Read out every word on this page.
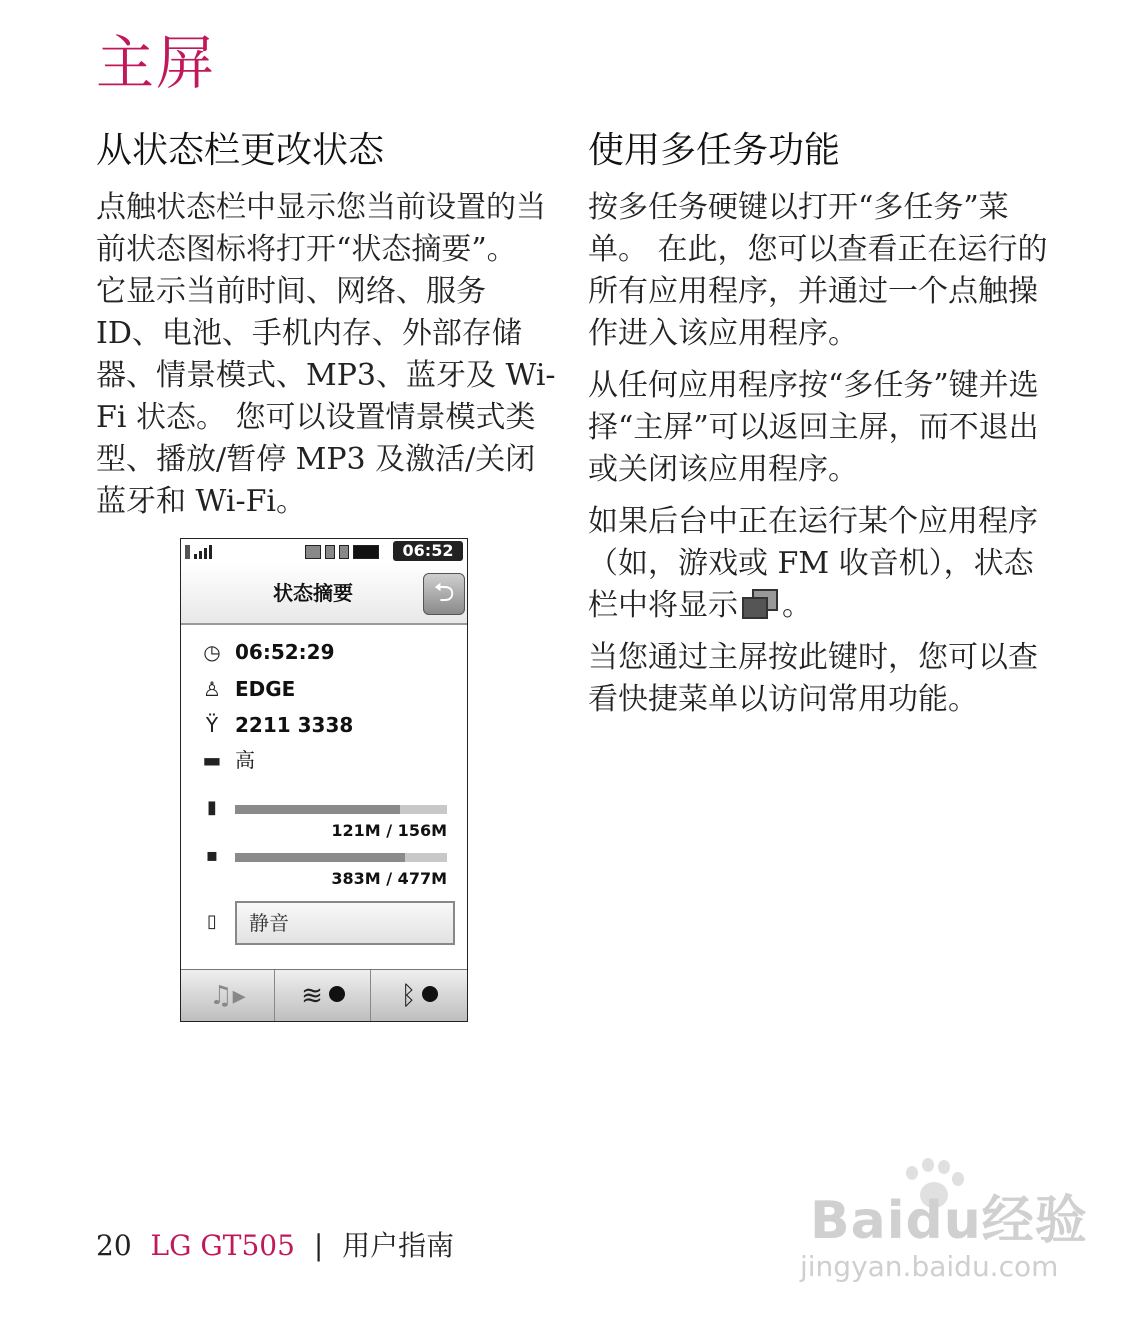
主屏
从状态栏更改状态

点触状态栏中显示您当前设置的当前状态图标将打开“状态摘要”。 它显示当前时间、网络、服务 ID、电池、手机内存、外部存储器、情景模式、MP3、蓝牙及 Wi-Fi 状态。 您可以设置情景模式类型、播放/暂停 MP3 及激活/关闭蓝牙和 Wi-Fi。

使用多任务功能

按多任务硬键以打开“多任务”菜单。 在此，您可以查看正在运行的所有应用程序，并通过一个点触操作进入该应用程序。

从任何应用程序按“多任务”键并选择“主屏”可以返回主屏，而不退出或关闭该应用程序。

如果后台中正在运行某个应用程序（如，游戏或 FM 收音机），状态栏中将显示 。

当您通过主屏按此键时，您可以查看快捷菜单以访问常用功能。

06:52
状态摘要	⮌
◷ 06:52:29
♙ EDGE
Ÿ 2211 3338
▬ 高
▮
121M / 156M
▪
383M / 477M
▯	静音
♫▸	≋	ᛒ
20 LG GT505 | 用户指南	Baidu经验
jingyan.baidu.com
